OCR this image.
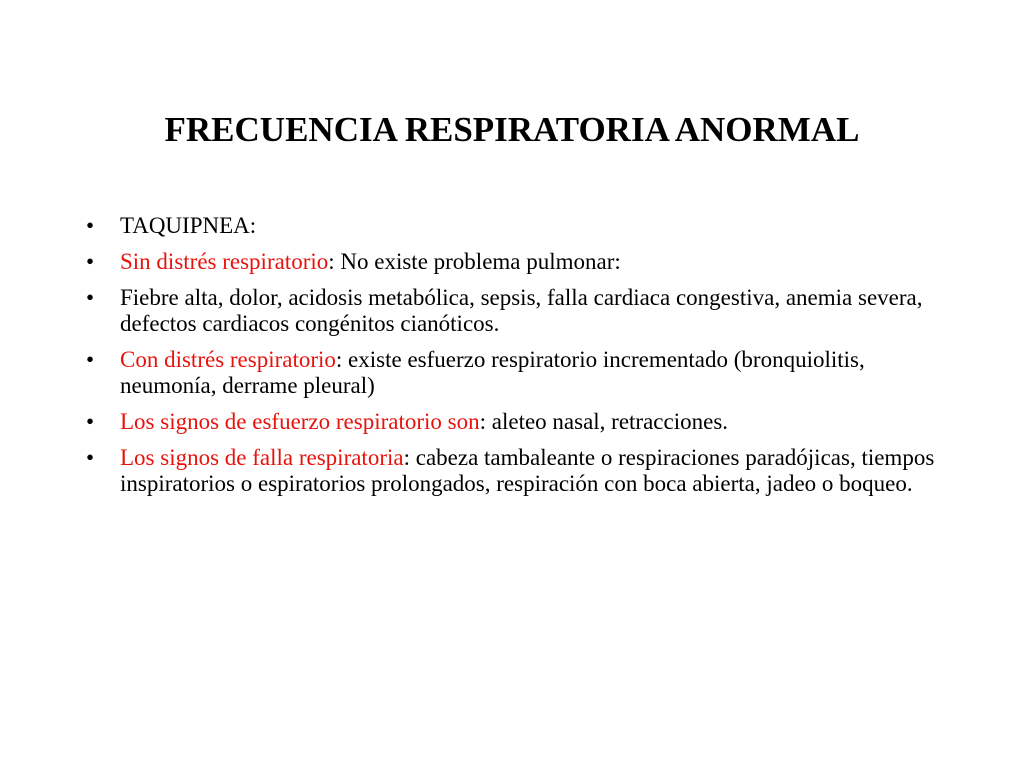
FRECUENCIA RESPIRATORIA ANORMAL
•	TAQUIPNEA:
•	Sin distrés respiratorio: No existe problema pulmonar:
•	Fiebre alta, dolor, acidosis metabólica, sepsis, falla cardiaca congestiva, anemia severa, defectos cardiacos congénitos cianóticos.
•	Con distrés respiratorio: existe esfuerzo respiratorio incrementado (bronquiolitis, neumonía, derrame pleural)
•	Los signos de esfuerzo respiratorio son: aleteo nasal, retracciones.
•	Los signos de falla respiratoria: cabeza tambaleante o respiraciones paradójicas, tiempos inspiratorios o espiratorios prolongados, respiración con boca abierta, jadeo o boqueo.
